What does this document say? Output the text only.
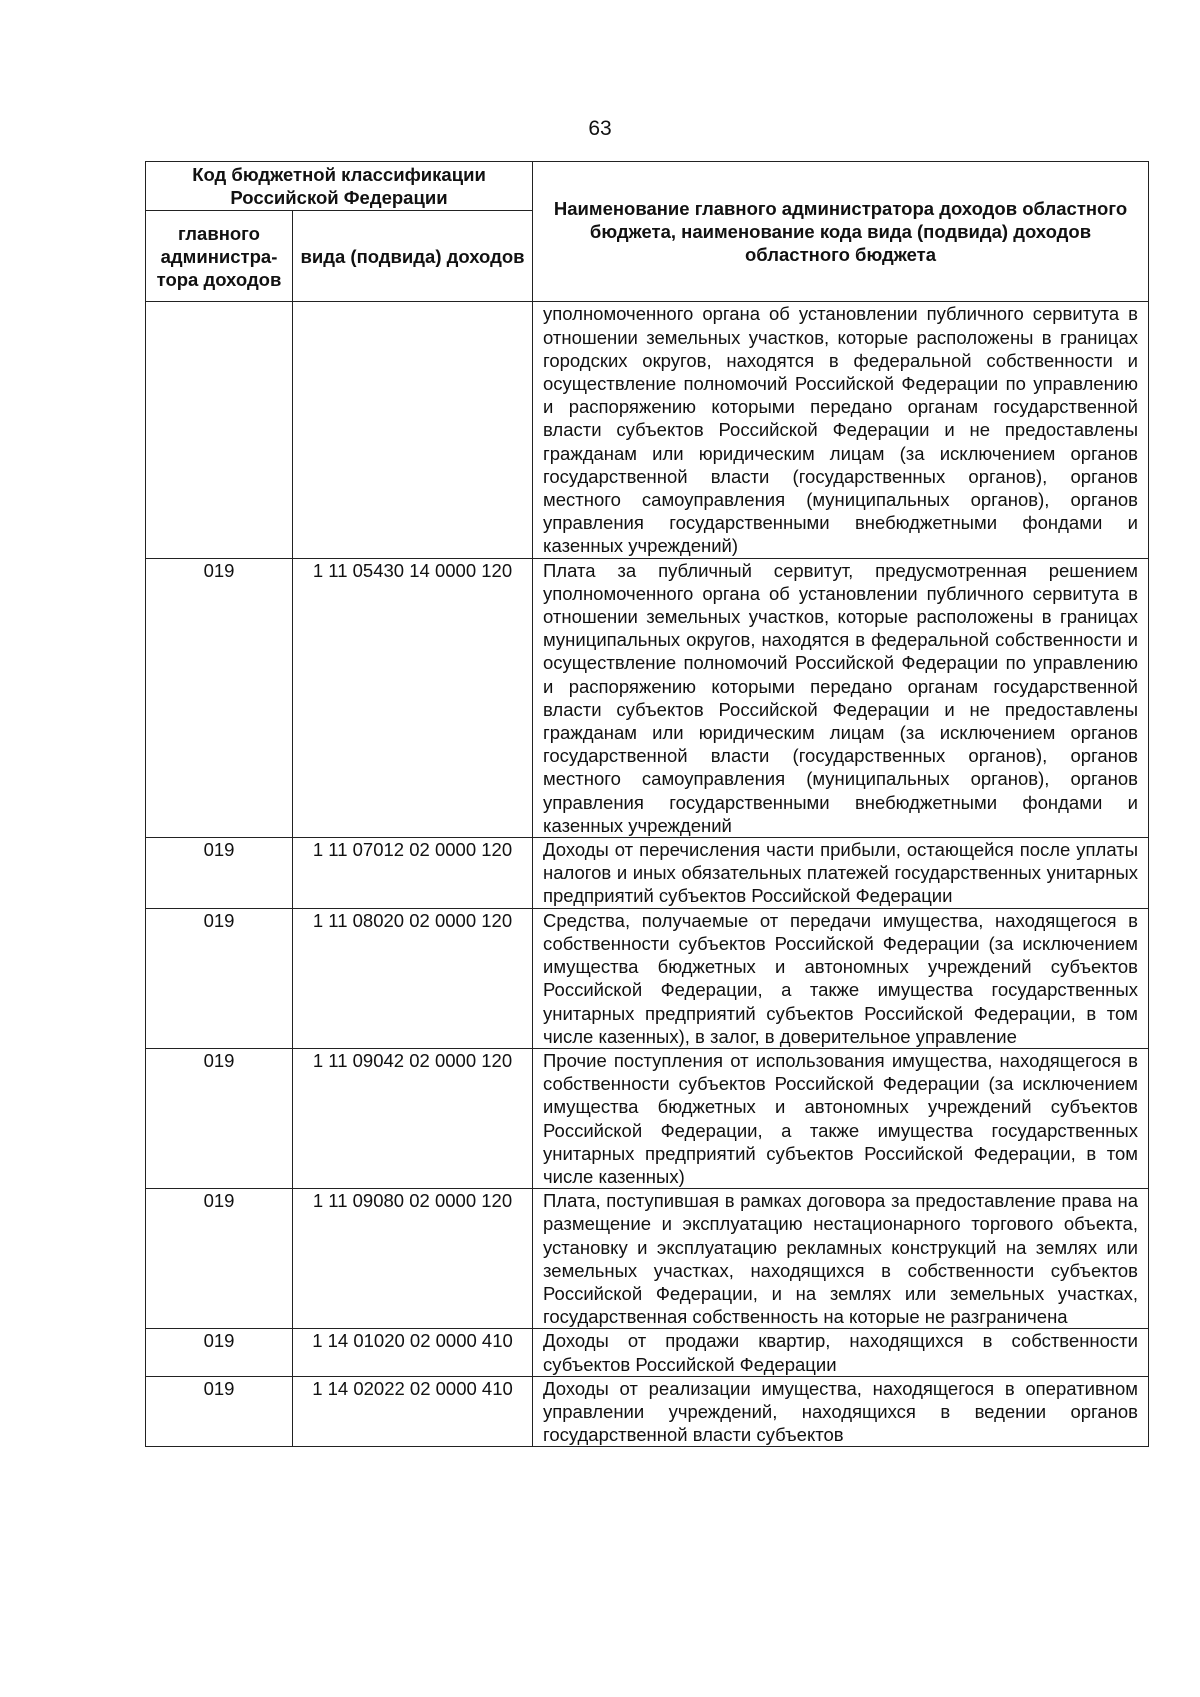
63
Код бюджетной классификации Российской Федерации		Наименование главного администратора доходов областного бюджета, наименование кода вида (подвида) доходов областного бюджета
главного администра-тора доходов	вида (подвида) доходов	
		уполномоченного органа об установлении публичного сервитута в отношении земельных участков, которые расположены в границах городских округов, находятся в федеральной собственности и осуществление полномочий Российской Федерации по управлению и распоряжению которыми передано органам государственной власти субъектов Российской Федерации и не предоставлены гражданам или юридическим лицам (за исключением органов государственной власти (государственных органов), органов местного самоуправления (муниципальных органов), органов управления государственными внебюджетными фондами и казенных учреждений)
019	1 11 05430 14 0000 120	Плата за публичный сервитут, предусмотренная решением уполномоченного органа об установлении публичного сервитута в отношении земельных участков, которые расположены в границах муниципальных округов, находятся в федеральной собственности и осуществление полномочий Российской Федерации по управлению и распоряжению которыми передано органам государственной власти субъектов Российской Федерации и не предоставлены гражданам или юридическим лицам (за исключением органов государственной власти (государственных органов), органов местного самоуправления (муниципальных органов), органов управления государственными внебюджетными фондами и казенных учреждений
019	1 11 07012 02 0000 120	Доходы от перечисления части прибыли, остающейся после уплаты налогов и иных обязательных платежей государственных унитарных предприятий субъектов Российской Федерации
019	1 11 08020 02 0000 120	Средства, получаемые от передачи имущества, находящегося в собственности субъектов Российской Федерации (за исключением имущества бюджетных и автономных учреждений субъектов Российской Федерации, а также имущества государственных унитарных предприятий субъектов Российской Федерации, в том числе казенных), в залог, в доверительное управление
019	1 11 09042 02 0000 120	Прочие поступления от использования имущества, находящегося в собственности субъектов Российской Федерации (за исключением имущества бюджетных и автономных учреждений субъектов Российской Федерации, а также имущества государственных унитарных предприятий субъектов Российской Федерации, в том числе казенных)
019	1 11 09080 02 0000 120	Плата, поступившая в рамках договора за предоставление права на размещение и эксплуатацию нестационарного торгового объекта, установку и эксплуатацию рекламных конструкций на землях или земельных участках, находящихся в собственности субъектов Российской Федерации, и на землях или земельных участках, государственная собственность на которые не разграничена
019	1 14 01020 02 0000 410	Доходы от продажи квартир, находящихся в собственности субъектов Российской Федерации
019	1 14 02022 02 0000 410	Доходы от реализации имущества, находящегося в оперативном управлении учреждений, находящихся в ведении органов государственной власти субъектов
